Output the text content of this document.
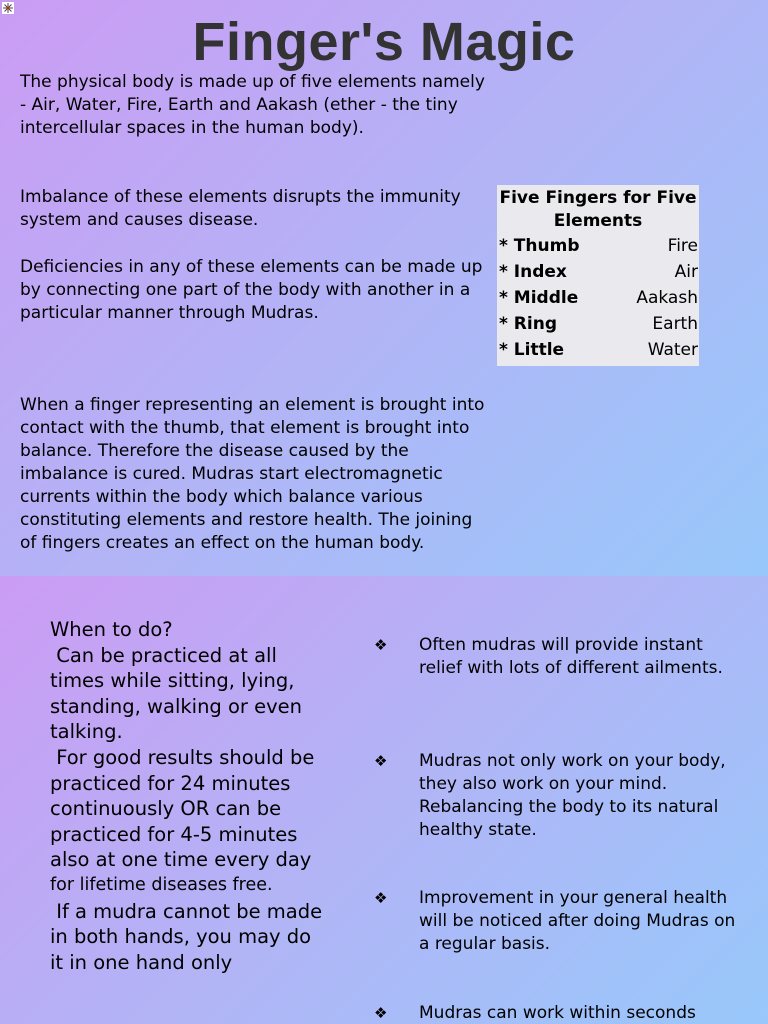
Finger's Magic

The physical body is made up of five elements namely - Air, Water, Fire, Earth and Aakash (ether - the tiny intercellular spaces in the human body).

Imbalance of these elements disrupts the immunity system and causes disease.

Deficiencies in any of these elements can be made up by connecting one part of the body with another in a particular manner through Mudras.

When a finger representing an element is brought into contact with the thumb, that element is brought into balance. Therefore the disease caused by the imbalance is cured. Mudras start electromagnetic currents within the body which balance various constituting elements and restore health. The joining of fingers creates an effect on the human body.

Five Fingers for Five Elements
* Thumb	Fire
* Index	Air
* Middle	Aakash
* Ring	Earth
* Little	Water
When to do?
Can be practiced at all
times while sitting, lying,
standing, walking or even
talking.
For good results should be
practiced for 24 minutes
continuously OR can be
practiced for 4-5 minutes
also at one time every day
for lifetime diseases free.
If a mudra cannot be made
in both hands, you may do
it in one hand only
❖ Often mudras will provide instant relief with lots of different ailments.
❖ Mudras not only work on your body, they also work on your mind. Rebalancing the body to its natural healthy state.
❖ Improvement in your general health will be noticed after doing Mudras on a regular basis.
❖ Mudras can work within seconds
